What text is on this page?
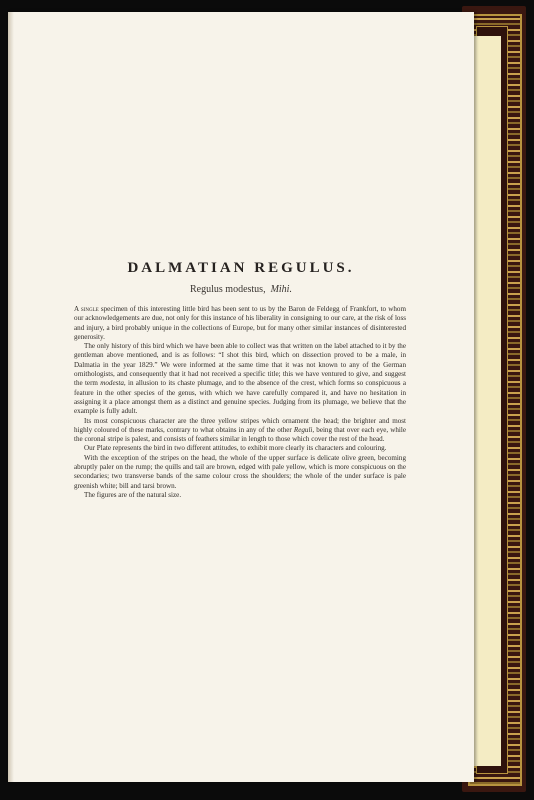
DALMATIAN REGULUS.
Regulus modestus, Mihi.

A single specimen of this interesting little bird has been sent to us by the Baron de Feldegg of Frankfort, to whom our acknowledgements are due, not only for this instance of his liberality in consigning to our care, at the risk of loss and injury, a bird probably unique in the collections of Europe, but for many other similar instances of disinterested generosity.

The only history of this bird which we have been able to collect was that written on the label attached to it by the gentleman above mentioned, and is as follows: “I shot this bird, which on dissection proved to be a male, in Dalmatia in the year 1829.” We were informed at the same time that it was not known to any of the German ornithologists, and consequently that it had not received a specific title; this we have ventured to give, and suggest the term modesta, in allusion to its chaste plumage, and to the absence of the crest, which forms so conspicuous a feature in the other species of the genus, with which we have carefully compared it, and have no hesitation in assigning it a place amongst them as a distinct and genuine species. Judging from its plumage, we believe that the example is fully adult.

Its most conspicuous character are the three yellow stripes which ornament the head; the brighter and most highly coloured of these marks, contrary to what obtains in any of the other Reguli, being that over each eye, while the coronal stripe is palest, and consists of feathers similar in length to those which cover the rest of the head.

Our Plate represents the bird in two different attitudes, to exhibit more clearly its characters and colouring.

With the exception of the stripes on the head, the whole of the upper surface is delicate olive green, becoming abruptly paler on the rump; the quills and tail are brown, edged with pale yellow, which is more conspicuous on the secondaries; two transverse bands of the same colour cross the shoulders; the whole of the under surface is pale greenish white; bill and tarsi brown.

The figures are of the natural size.
